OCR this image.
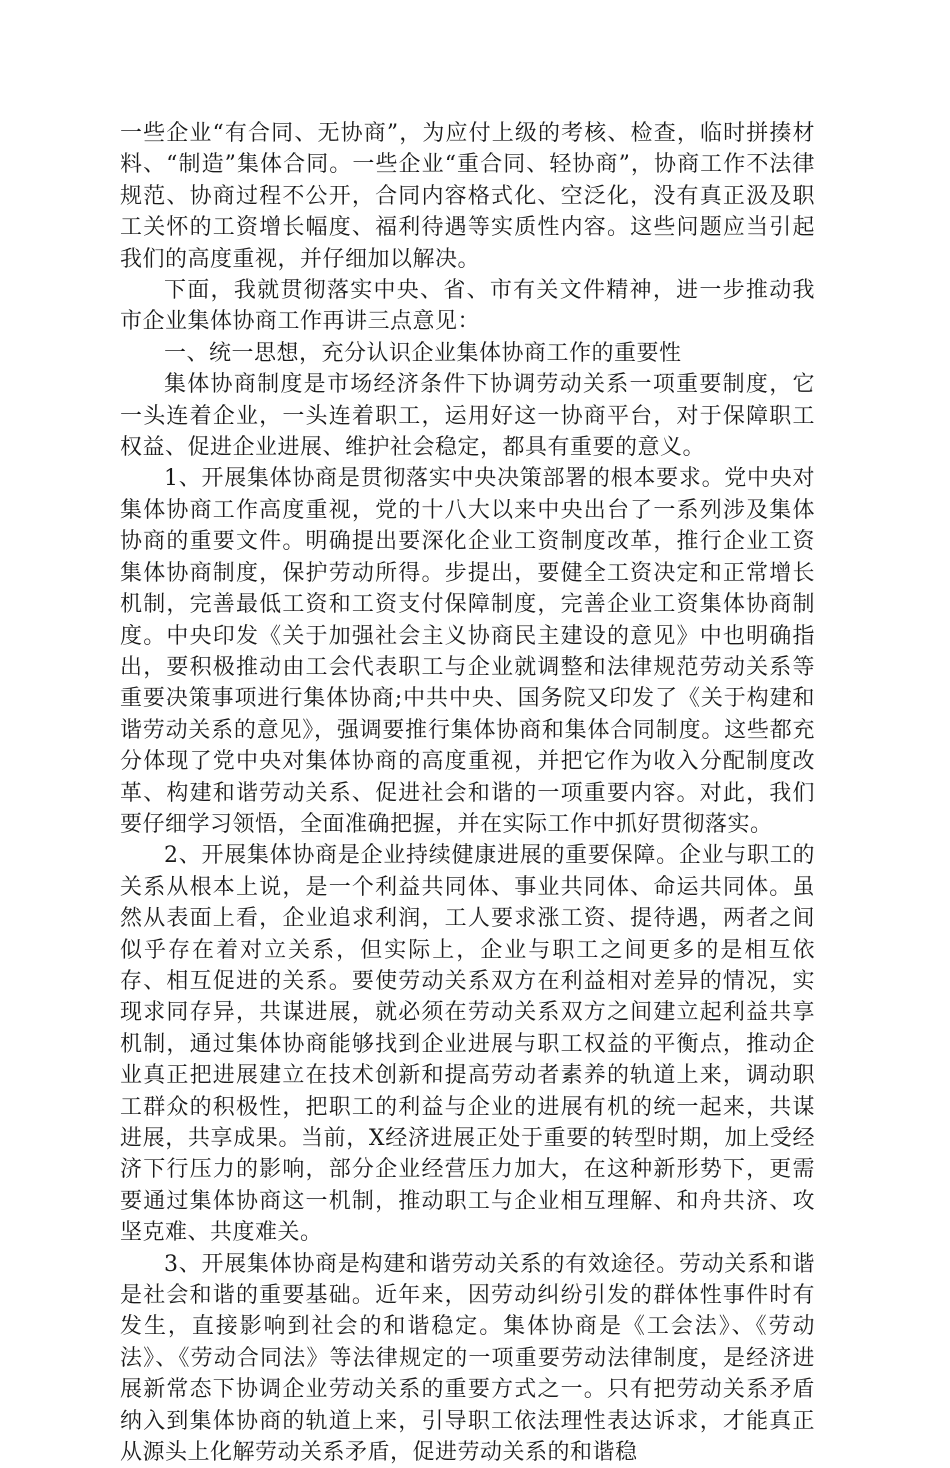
一些企业“有合同、无协商”，为应付上级的考核、检查，临时拼揍材料、“制造”集体合同。一些企业“重合同、轻协商”，协商工作不法律规范、协商过程不公开，合同内容格式化、空泛化，没有真正汲及职工关怀的工资增长幅度、福利待遇等实质性内容。这些问题应当引起我们的高度重视，并仔细加以解决。

下面，我就贯彻落实中央、省、市有关文件精神，进一步推动我市企业集体协商工作再讲三点意见：

一、统一思想，充分认识企业集体协商工作的重要性

集体协商制度是市场经济条件下协调劳动关系一项重要制度，它一头连着企业，一头连着职工，运用好这一协商平台，对于保障职工权益、促进企业进展、维护社会稳定，都具有重要的意义。

1、开展集体协商是贯彻落实中央决策部署的根本要求。党中央对集体协商工作高度重视，党的十八大以来中央出台了一系列涉及集体协商的重要文件。明确提出要深化企业工资制度改革，推行企业工资集体协商制度，保护劳动所得。步提出，要健全工资决定和正常增长机制，完善最低工资和工资支付保障制度，完善企业工资集体协商制度。中央印发《关于加强社会主义协商民主建设的意见》中也明确指出，要积极推动由工会代表职工与企业就调整和法律规范劳动关系等重要决策事项进行集体协商;中共中央、国务院又印发了《关于构建和谐劳动关系的意见》，强调要推行集体协商和集体合同制度。这些都充分体现了党中央对集体协商的高度重视，并把它作为收入分配制度改革、构建和谐劳动关系、促进社会和谐的一项重要内容。对此，我们要仔细学习领悟，全面准确把握，并在实际工作中抓好贯彻落实。

2、开展集体协商是企业持续健康进展的重要保障。企业与职工的关系从根本上说，是一个利益共同体、事业共同体、命运共同体。虽然从表面上看，企业追求利润，工人要求涨工资、提待遇，两者之间似乎存在着对立关系，但实际上，企业与职工之间更多的是相互依存、相互促进的关系。要使劳动关系双方在利益相对差异的情况，实现求同存异，共谋进展，就必须在劳动关系双方之间建立起利益共享机制，通过集体协商能够找到企业进展与职工权益的平衡点，推动企业真正把进展建立在技术创新和提高劳动者素养的轨道上来，调动职工群众的积极性，把职工的利益与企业的进展有机的统一起来，共谋进展，共享成果。当前，X经济进展正处于重要的转型时期，加上受经济下行压力的影响，部分企业经营压力加大，在这种新形势下，更需要通过集体协商这一机制，推动职工与企业相互理解、和舟共济、攻坚克难、共度难关。

3、开展集体协商是构建和谐劳动关系的有效途径。劳动关系和谐是社会和谐的重要基础。近年来，因劳动纠纷引发的群体性事件时有发生，直接影响到社会的和谐稳定。集体协商是《工会法》、《劳动法》、《劳动合同法》等法律规定的一项重要劳动法律制度，是经济进展新常态下协调企业劳动关系的重要方式之一。只有把劳动关系矛盾纳入到集体协商的轨道上来，引导职工依法理性表达诉求，才能真正从源头上化解劳动关系矛盾，促进劳动关系的和谐稳
